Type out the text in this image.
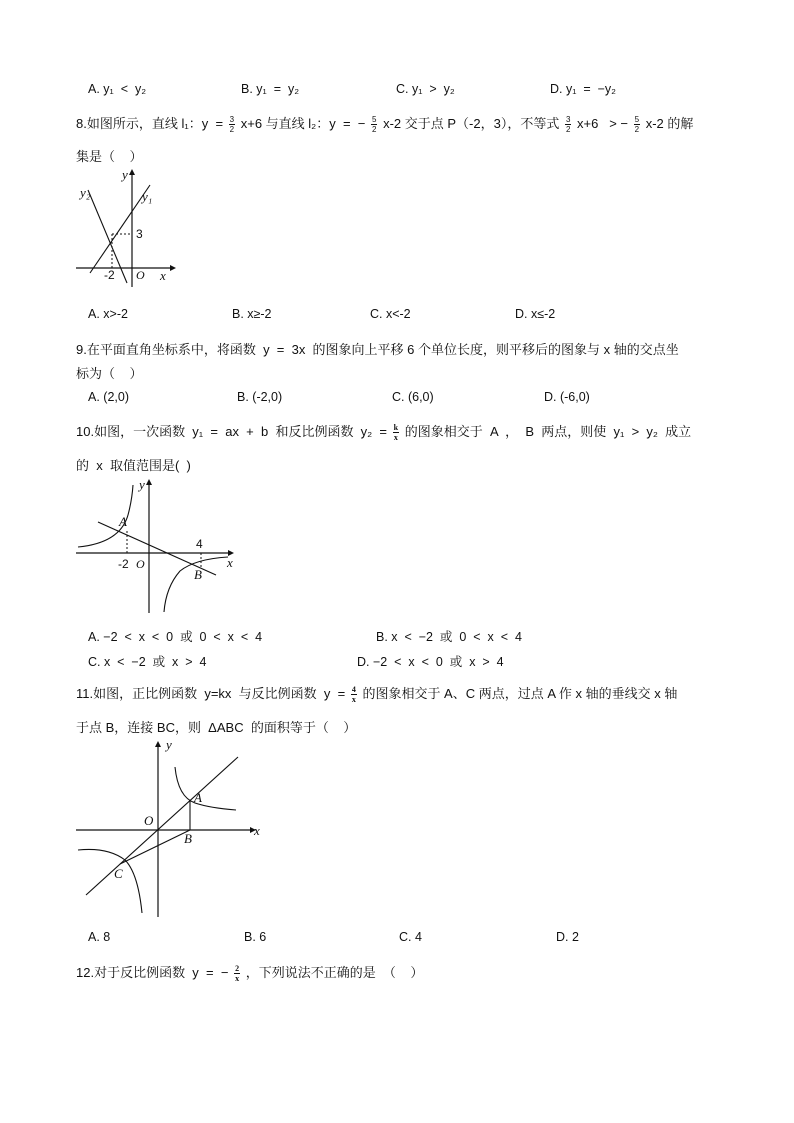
A. y₁  <  y₂	B. y₁  =  y₂	C. y₁  >  y₂	D. y₁  =  −y₂
8.如图所示，直线 l₁：$y = \frac{3}{2} x+6$ 与直线 l₂：y  =  − $\frac{5}{2} x-2$ 交于点 P（-2，3），不等式 $\frac{3}{2} x+6$   > − $\frac{5}{2} x-2$ 的解
集是（    ）
y₂	y₁
y
x
O
3
-2
A. x>-2	B. x≥-2	C. x<-2	D. x≤-2
9.在平面直角坐标系中，将函数  y  =  3x  的图象向上平移 6 个单位长度，则平移后的图象与 x 轴的交点坐
标为（    ）
A. (2,0)	B. (-2,0)	C. (6,0)	D. (-6,0)
10.如图，一次函数  y₁  =  ax  +  b  和反比例函数  $y_2 = \frac{k}{x}$ 的图象相交于  A  ，  B  两点，则使  y₁  >  y₂  成立
的  x  取值范围是(  )
y
x
O
A
B
4
-2
A. −2  <  x  <  0  或  0  <  x  <  4	B. x  <  −2  或  0  <  x  <  4
C. x  <  −2  或  x  >  4	D. −2  <  x  <  0  或  x  >  4
11.如图，正比例函数  y=kx  与反比例函数  $y = \frac{4}{x}$ 的图象相交于 A、C 两点，过点 A 作 x 轴的垂线交 x 轴
于点 B，连接 BC，则  ΔABC  的面积等于（    ）
y
x
O
A
B
C
A. 8	B. 6	C. 4	D. 2
12.对于反比例函数  y  =  − $\frac{2}{x}$ ，下列说法不正确的是  （    ）
